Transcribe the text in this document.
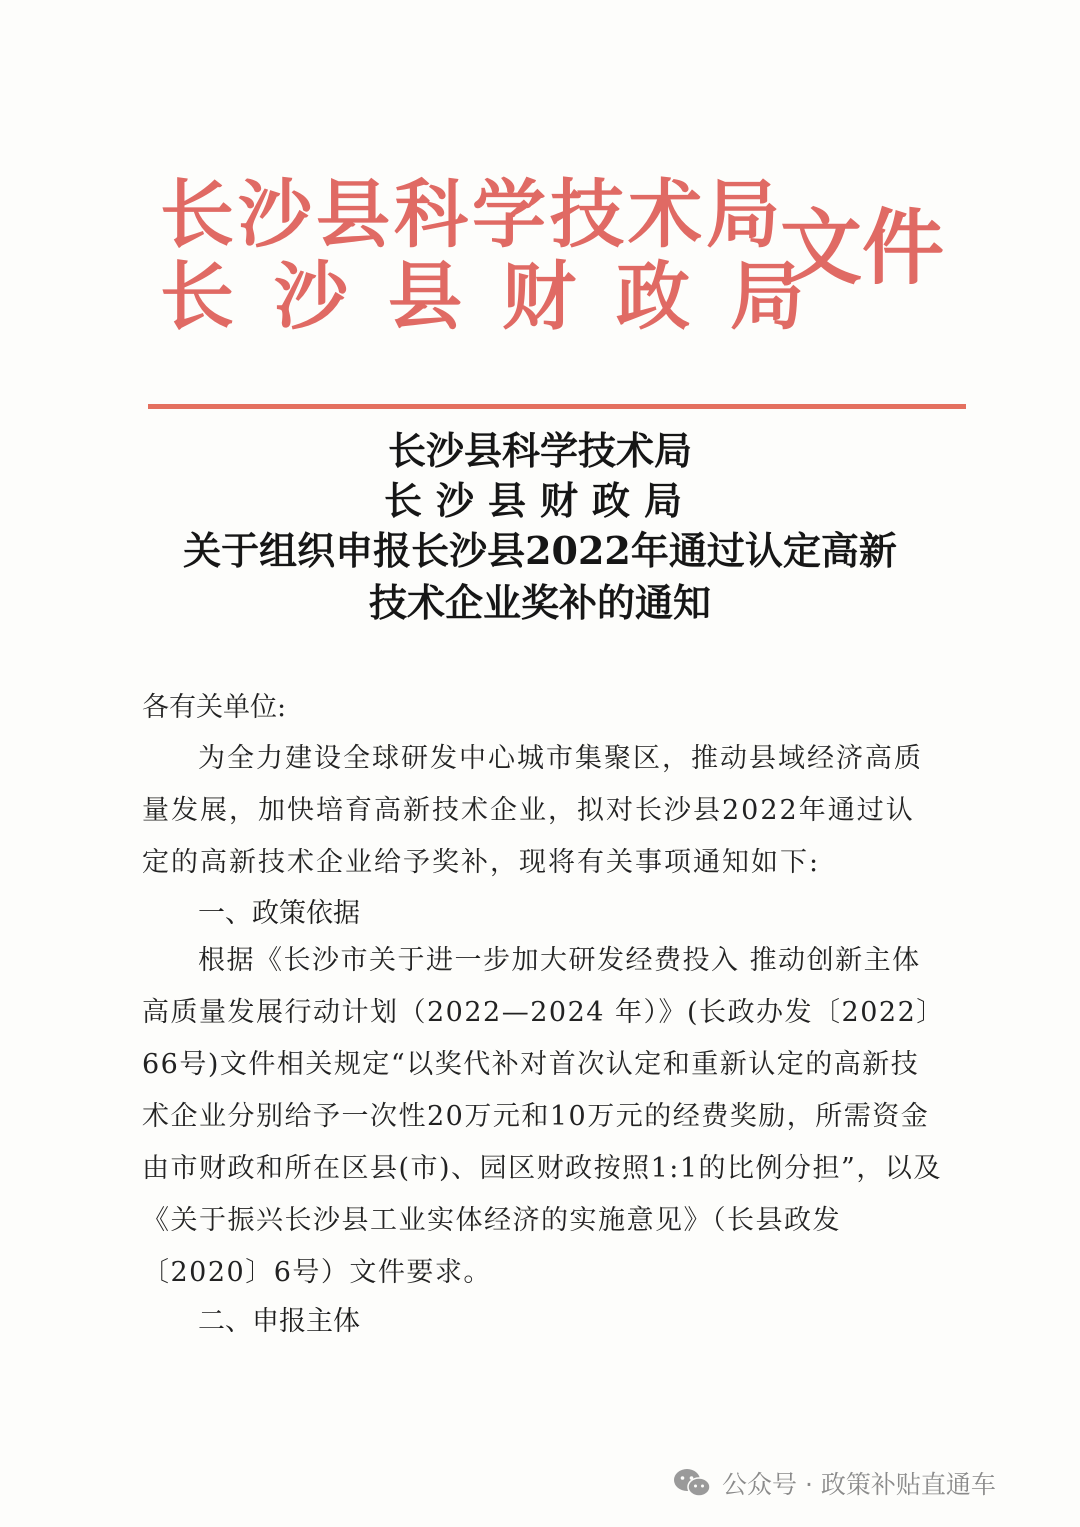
长沙县科学技术局
长沙县财政局
文件
长沙县科学技术局
长沙县财政局
关于组织申报长沙县2022年通过认定高新
技术企业奖补的通知
各有关单位:
为全力建设全球研发中心城市集聚区，推动县域经济高质量发展，加快培育高新技术企业，拟对长沙县2022年通过认定的高新技术企业给予奖补，现将有关事项通知如下:
一、政策依据
根据《长沙市关于进一步加大研发经费投入 推动创新主体高质量发展行动计划（2022—2024 年）》(长政办发〔2022〕66号)文件相关规定“以奖代补对首次认定和重新认定的高新技术企业分别给予一次性20万元和10万元的经费奖励，所需资金由市财政和所在区县(市)、园区财政按照1:1的比例分担”，以及《关于振兴长沙县工业实体经济的实施意见》（长县政发〔2020〕6号）文件要求。
二、申报主体
公众号 · 政策补贴直通车
